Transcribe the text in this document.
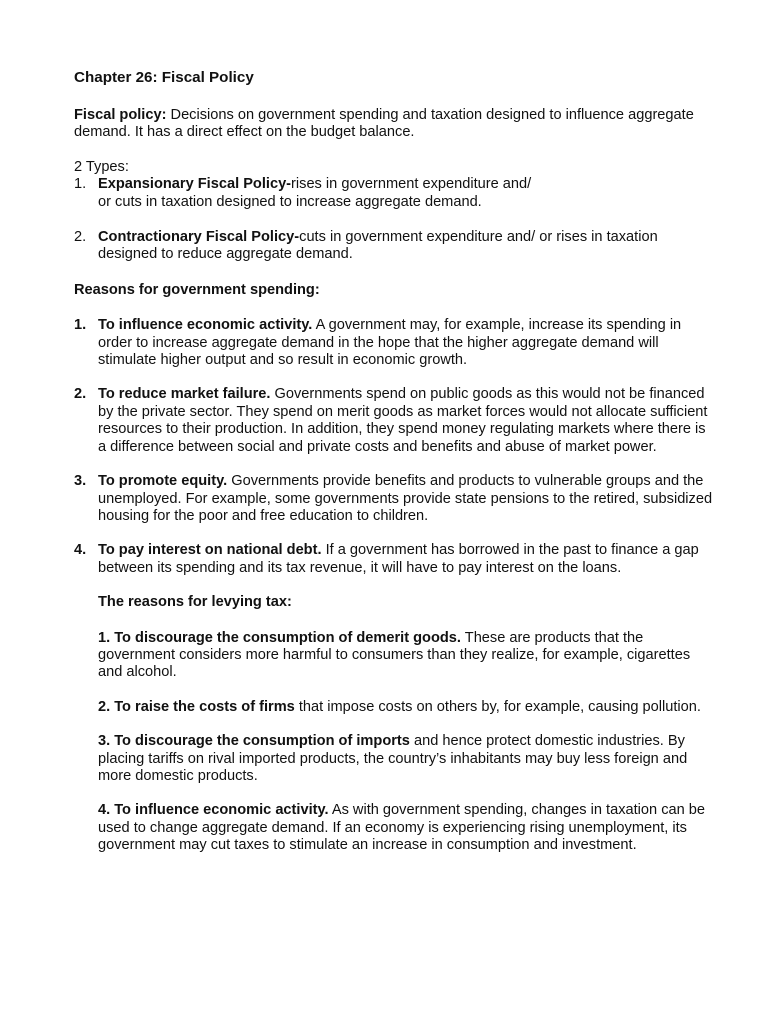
Chapter 26: Fiscal Policy

Fiscal policy: Decisions on government spending and taxation designed to influence aggregate demand. It has a direct effect on the budget balance.

2 Types:

1. Expansionary Fiscal Policy-rises in government expenditure and/
or cuts in taxation designed to increase aggregate demand.
2. Contractionary Fiscal Policy-cuts in government expenditure and/ or rises in taxation designed to reduce aggregate demand.

Reasons for government spending:

1. To influence economic activity. A government may, for example, increase its spending in order to increase aggregate demand in the hope that the higher aggregate demand will stimulate higher output and so result in economic growth.
2. To reduce market failure. Governments spend on public goods as this would not be financed by the private sector. They spend on merit goods as market forces would not allocate sufficient resources to their production. In addition, they spend money regulating markets where there is a difference between social and private costs and benefits and abuse of market power.
3. To promote equity. Governments provide benefits and products to vulnerable groups and the unemployed. For example, some governments provide state pensions to the retired, subsidized housing for the poor and free education to children.
4. To pay interest on national debt. If a government has borrowed in the past to finance a gap between its spending and its tax revenue, it will have to pay interest on the loans.

The reasons for levying tax:

1. To discourage the consumption of demerit goods. These are products that the government considers more harmful to consumers than they realize, for example, cigarettes and alcohol.

2. To raise the costs of firms that impose costs on others by, for example, causing pollution.

3. To discourage the consumption of imports and hence protect domestic industries. By placing tariffs on rival imported products, the country’s inhabitants may buy less foreign and more domestic products.

4. To influence economic activity. As with government spending, changes in taxation can be used to change aggregate demand. If an economy is experiencing rising unemployment, its government may cut taxes to stimulate an increase in consumption and investment.
